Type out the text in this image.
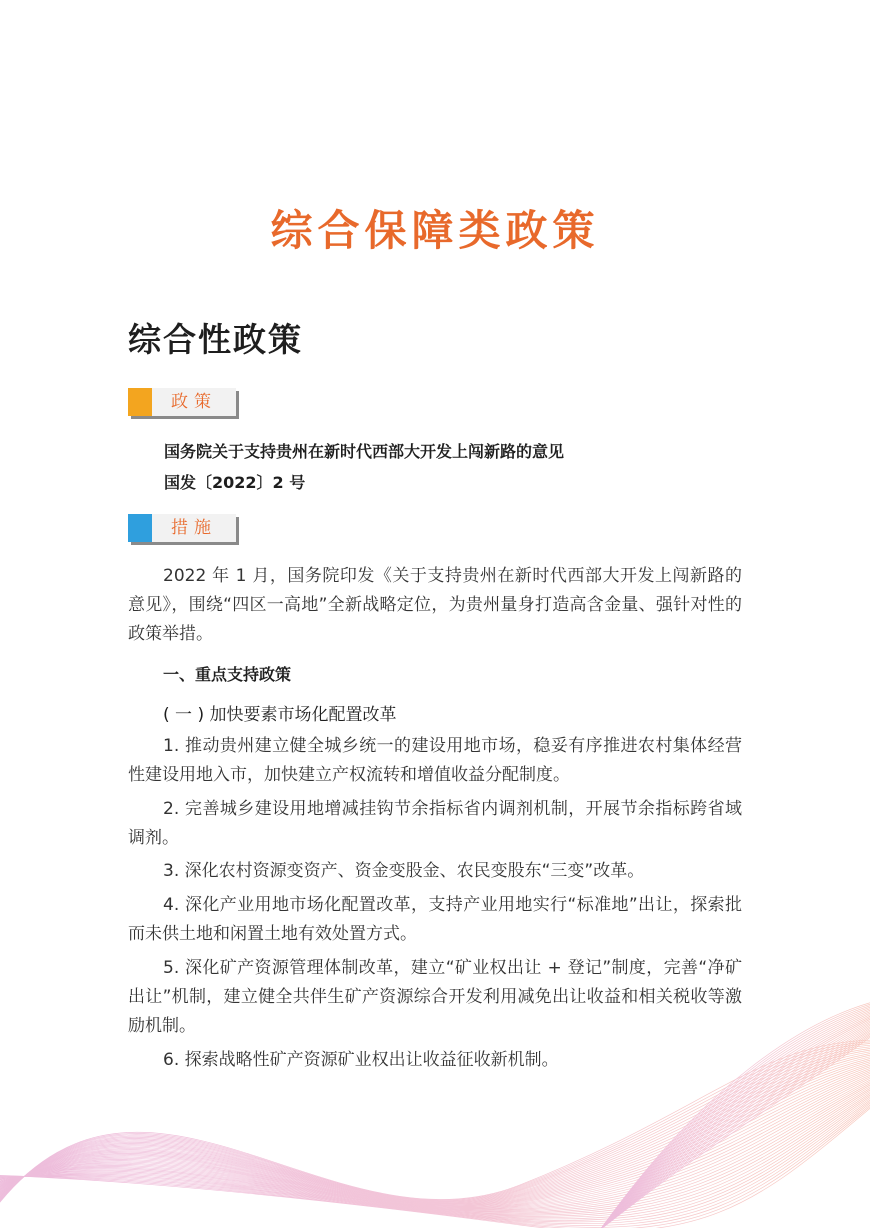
综合保障类政策
综合性政策
政策

国务院关于支持贵州在新时代西部大开发上闯新路的意见

国发〔2022〕2 号

措施

2022 年 1 月，国务院印发《关于支持贵州在新时代西部大开发上闯新路的意见》，围绕“四区一高地”全新战略定位，为贵州量身打造高含金量、强针对性的政策举措。

一、重点支持政策

( 一 ) 加快要素市场化配置改革

1. 推动贵州建立健全城乡统一的建设用地市场，稳妥有序推进农村集体经营性建设用地入市，加快建立产权流转和增值收益分配制度。

2. 完善城乡建设用地增减挂钩节余指标省内调剂机制，开展节余指标跨省域调剂。

3. 深化农村资源变资产、资金变股金、农民变股东“三变”改革。

4. 深化产业用地市场化配置改革，支持产业用地实行“标准地”出让，探索批而未供土地和闲置土地有效处置方式。

5. 深化矿产资源管理体制改革，建立“矿业权出让 + 登记”制度，完善“净矿出让”机制，建立健全共伴生矿产资源综合开发利用减免出让收益和相关税收等激励机制。

6. 探索战略性矿产资源矿业权出让收益征收新机制。
